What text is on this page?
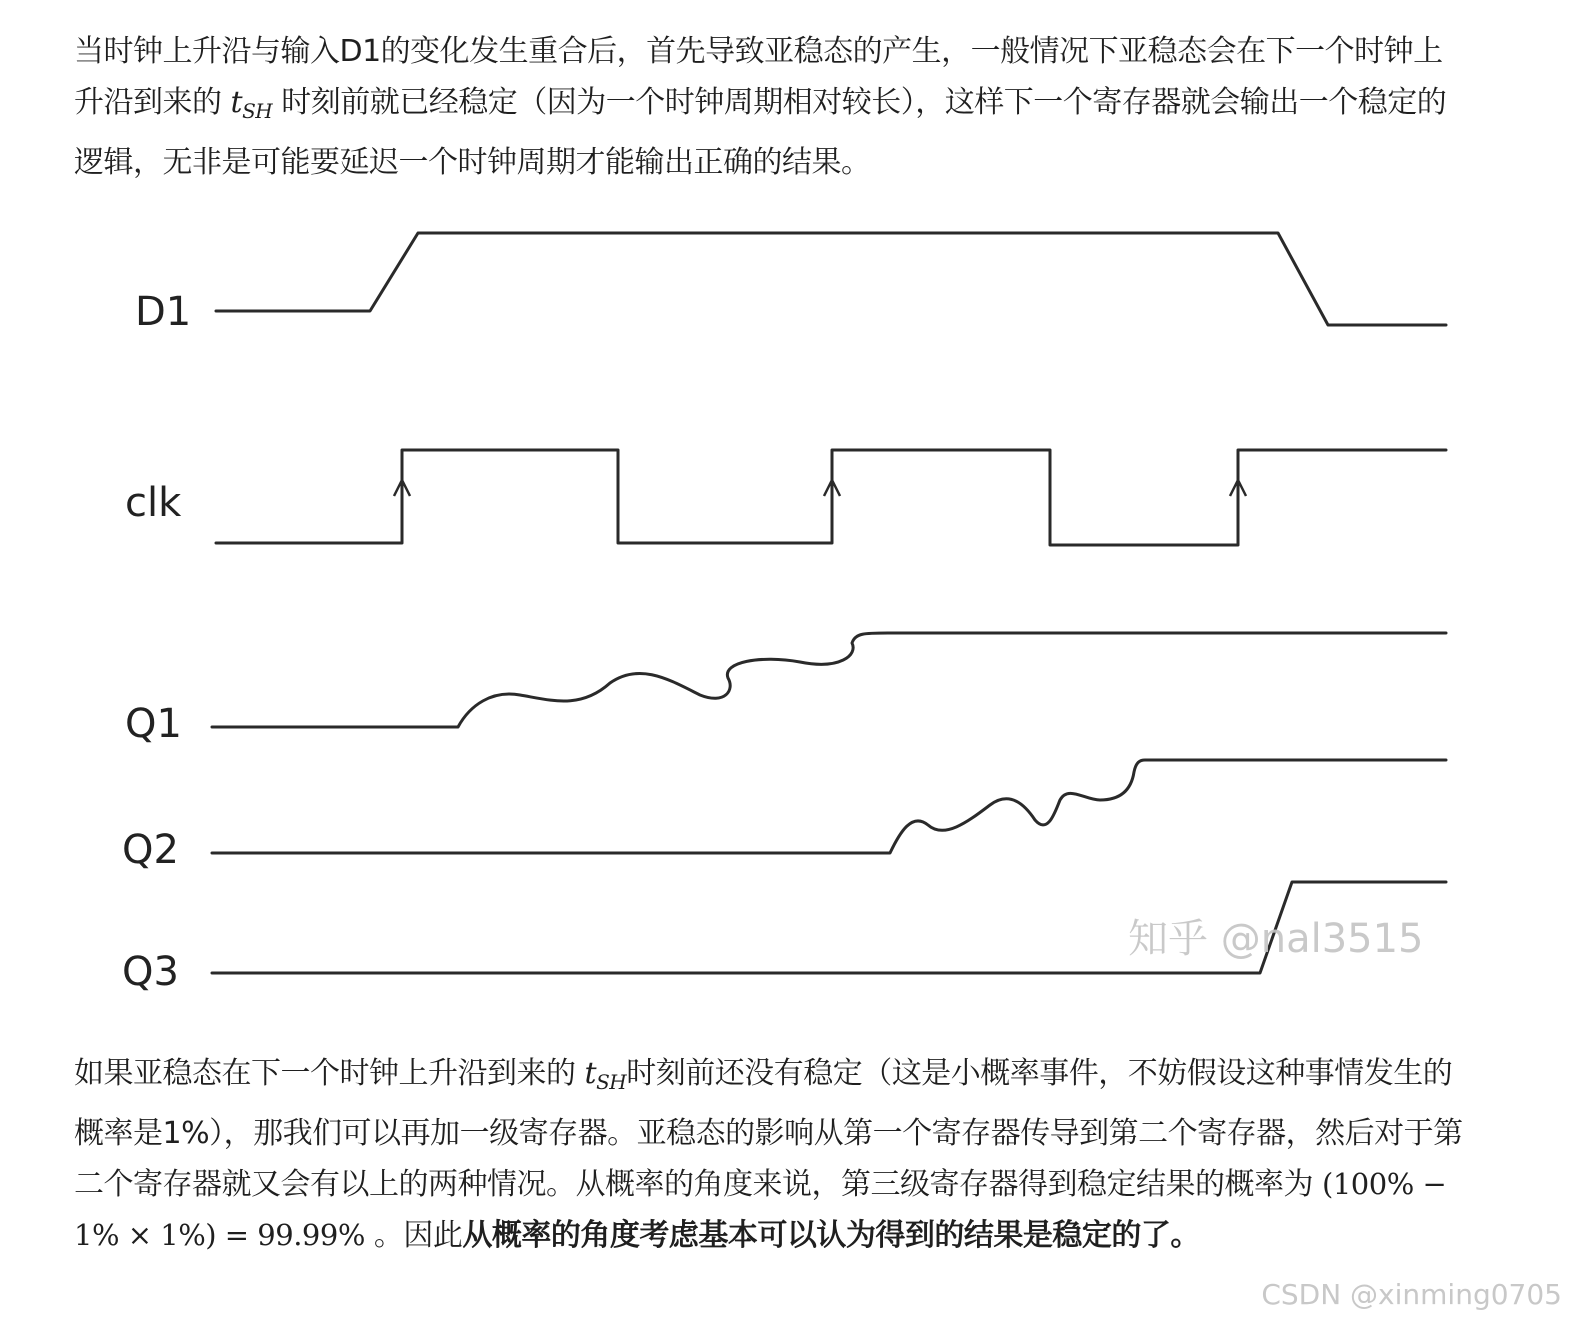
当时钟上升沿与输入D1的变化发生重合后，首先导致亚稳态的产生，一般情况下亚稳态会在下一个时钟上升沿到来的 $t_{SH}$ 时刻前就已经稳定（因为一个时钟周期相对较长），这样下一个寄存器就会输出一个稳定的逻辑，无非是可能要延迟一个时钟周期才能输出正确的结果。

D1
clk
Q1
Q2
Q3
知乎 @nal3515

如果亚稳态在下一个时钟上升沿到来的 $t_{SH}$时刻前还没有稳定（这是小概率事件，不妨假设这种事情发生的概率是1%），那我们可以再加一级寄存器。亚稳态的影响从第一个寄存器传导到第二个寄存器，然后对于第二个寄存器就又会有以上的两种情况。从概率的角度来说，第三级寄存器得到稳定结果的概率为 (100% − 1% × 1%) = 99.99% 。因此从概率的角度考虑基本可以认为得到的结果是稳定的了。

CSDN @xinming0705
